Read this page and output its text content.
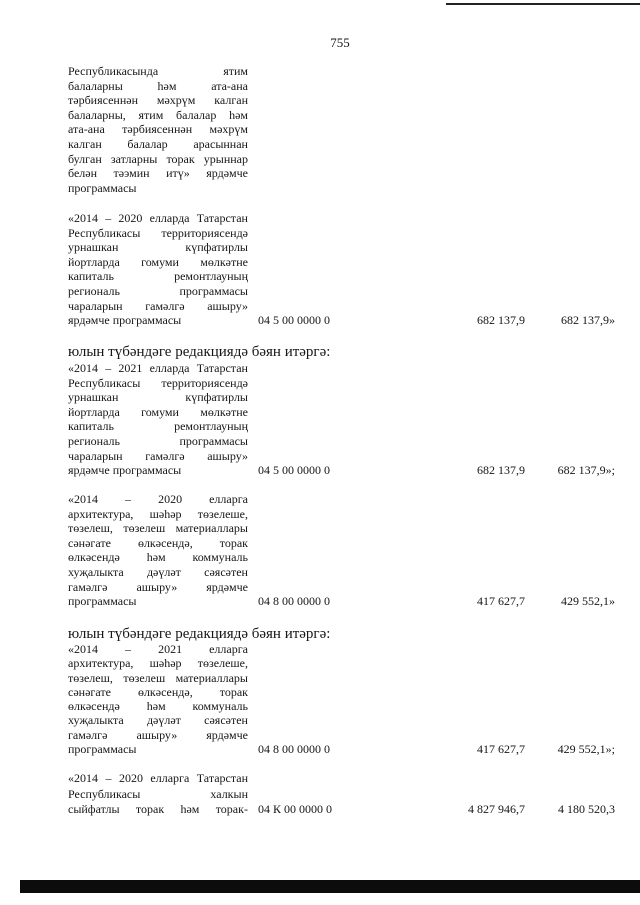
755
Республикасында	ятим
балаларны	һәм	ата-ана
тәрбиясеннән мәхрүм калган
балаларны, ятим балалар һәм
ата-ана тәрбиясеннән мәхрүм
калган балалар арасыннан
булган затларны торак урыннар
белән тәэмин итү» ярдәмче
программасы
«2014 – 2020 елларда Татарстан
Республикасы территориясендә
урнашкан	күпфатирлы
йортларда гомуми мөлкәтне
капиталь	ремонтлауның
региональ	программасы
чараларын гамәлгә ашыру»
ярдәмче программасы	04 5 00 0000 0	682 137,9	682 137,9»
юлын түбәндәге редакциядә бәян итәргә:
«2014 – 2021 елларда Татарстан
Республикасы территориясендә
урнашкан	күпфатирлы
йортларда гомуми мөлкәтне
капиталь	ремонтлауның
региональ	программасы
чараларын гамәлгә ашыру»
ярдәмче программасы	04 5 00 0000 0	682 137,9	682 137,9»;
«2014 – 2020 елларга
архитектура, шәһәр төзелеше,
төзелеш, төзелеш материаллары
сәнәгате өлкәсендә, торак
өлкәсендә һәм коммуналь
хуҗалыкта дәүләт сәясәтен
гамәлгә ашыру» ярдәмче
программасы	04 8 00 0000 0	417 627,7	429 552,1»
юлын түбәндәге редакциядә бәян итәргә:
«2014 – 2021 елларга
архитектура, шәһәр төзелеше,
төзелеш, төзелеш материаллары
сәнәгате өлкәсендә, торак
өлкәсендә һәм коммуналь
хуҗалыкта дәүләт сәясәтен
гамәлгә ашыру» ярдәмче
программасы	04 8 00 0000 0	417 627,7	429 552,1»;
«2014 – 2020 елларга Татарстан
Республикасы	халкын
сыйфатлы торак һәм торак- 04 К 00 0000 0	4 827 946,7	4 180 520,3
